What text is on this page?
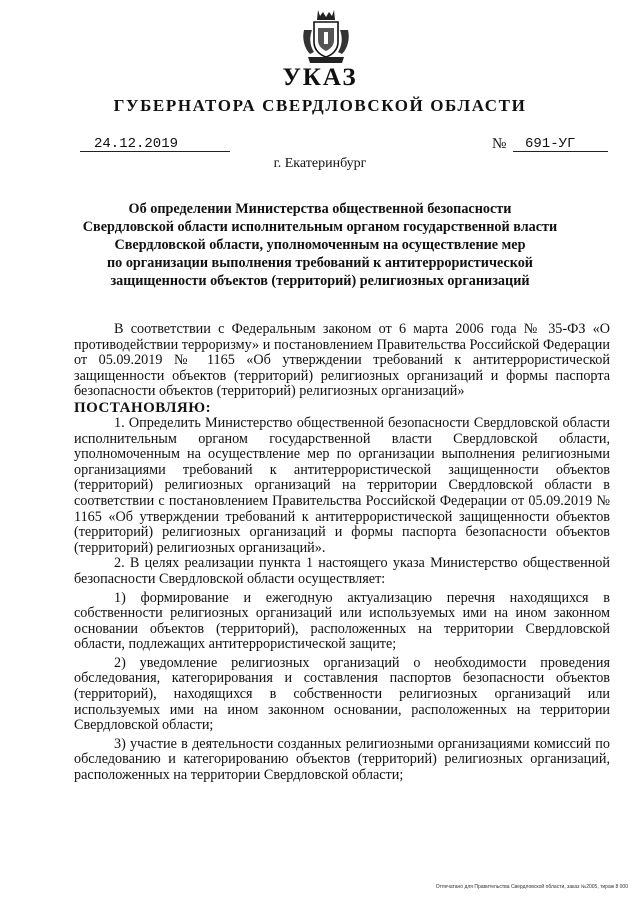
УКАЗ
ГУБЕРНАТОРА СВЕРДЛОВСКОЙ ОБЛАСТИ
24.12.2019	№ 691-УГ
г. Екатеринбург
Об определении Министерства общественной безопасности
Свердловской области исполнительным органом государственной власти
Свердловской области, уполномоченным на осуществление мер
по организации выполнения требований к антитеррористической
защищенности объектов (территорий) религиозных организаций

В соответствии с Федеральным законом от 6 марта 2006 года № 35-ФЗ «О противодействии терроризму» и постановлением Правительства Российской Федерации от 05.09.2019 № 1165 «Об утверждении требований к антитеррористической защищенности объектов (территорий) религиозных организаций и формы паспорта безопасности объектов (территорий) религиозных организаций»

ПОСТАНОВЛЯЮ:

1. Определить Министерство общественной безопасности Свердловской области исполнительным органом государственной власти Свердловской области, уполномоченным на осуществление мер по организации выполнения религиозными организациями требований к антитеррористической защищенности объектов (территорий) религиозных организаций на территории Свердловской области в соответствии с постановлением Правительства Российской Федерации от 05.09.2019 № 1165 «Об утверждении требований к антитеррористической защищенности объектов (территорий) религиозных организаций и формы паспорта безопасности объектов (территорий) религиозных организаций».

2. В целях реализации пункта 1 настоящего указа Министерство общественной безопасности Свердловской области осуществляет:

1) формирование и ежегодную актуализацию перечня находящихся в собственности религиозных организаций или используемых ими на ином законном основании объектов (территорий), расположенных на территории Свердловской области, подлежащих антитеррористической защите;

2) уведомление религиозных организаций о необходимости проведения обследования, категорирования и составления паспортов безопасности объектов (территорий), находящихся в собственности религиозных организаций или используемых ими на ином законном основании, расположенных на территории Свердловской области;

3) участие в деятельности созданных религиозными организациями комиссий по обследованию и категорированию объектов (территорий) религиозных организаций, расположенных на территории Свердловской области;

Отпечатано для Правительства Свердловской области, заказ №2005, тираж 8 000
